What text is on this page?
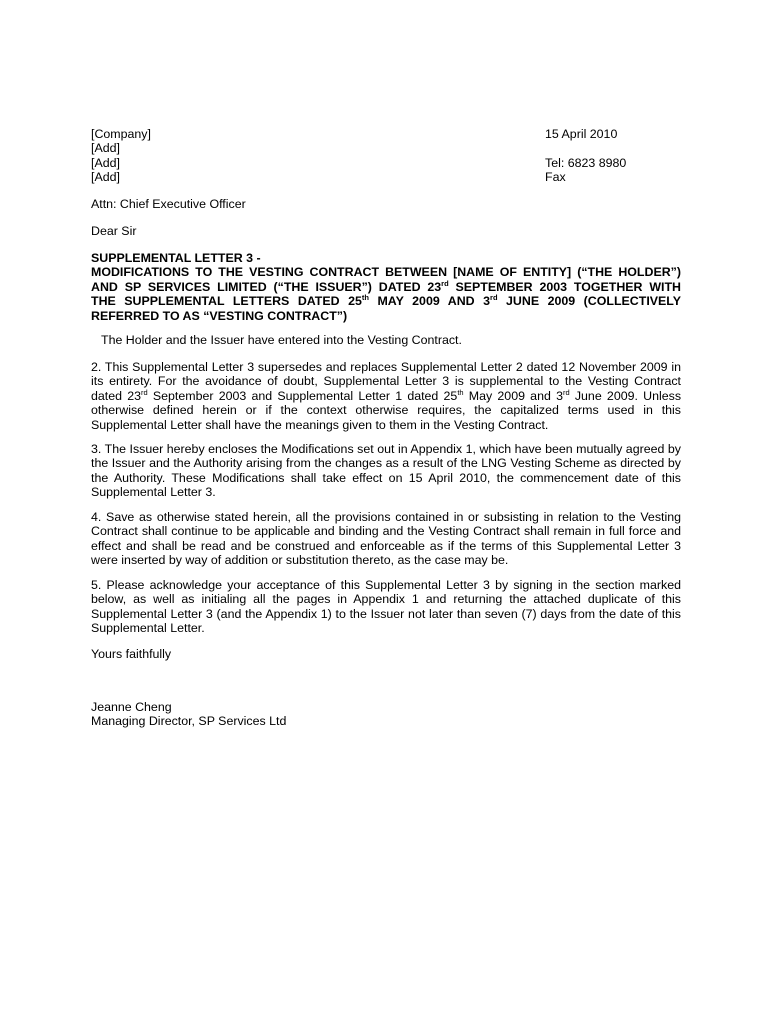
[Company]
[Add]
[Add]
[Add]
15 April 2010
Tel: 6823 8980
Fax
Attn: Chief Executive Officer
Dear Sir
SUPPLEMENTAL LETTER 3 -
MODIFICATIONS TO THE VESTING CONTRACT BETWEEN [NAME OF ENTITY] (“THE HOLDER”)
AND SP SERVICES LIMITED (“THE ISSUER”) DATED 23rd SEPTEMBER 2003 TOGETHER WITH
THE SUPPLEMENTAL LETTERS DATED 25th MAY 2009 AND 3rd JUNE 2009 (COLLECTIVELY
REFERRED TO AS “VESTING CONTRACT”)
The Holder and the Issuer have entered into the Vesting Contract.

2. This Supplemental Letter 3 supersedes and replaces Supplemental Letter 2 dated 12 November 2009 in its entirety. For the avoidance of doubt, Supplemental Letter 3 is supplemental to the Vesting Contract dated 23rd September 2003 and Supplemental Letter 1 dated 25th May 2009 and 3rd June 2009. Unless otherwise defined herein or if the context otherwise requires, the capitalized terms used in this Supplemental Letter shall have the meanings given to them in the Vesting Contract.

3. The Issuer hereby encloses the Modifications set out in Appendix 1, which have been mutually agreed by the Issuer and the Authority arising from the changes as a result of the LNG Vesting Scheme as directed by the Authority. These Modifications shall take effect on 15 April 2010, the commencement date of this Supplemental Letter 3.

4. Save as otherwise stated herein, all the provisions contained in or subsisting in relation to the Vesting Contract shall continue to be applicable and binding and the Vesting Contract shall remain in full force and effect and shall be read and be construed and enforceable as if the terms of this Supplemental Letter 3 were inserted by way of addition or substitution thereto, as the case may be.

5. Please acknowledge your acceptance of this Supplemental Letter 3 by signing in the section marked below, as well as initialing all the pages in Appendix 1 and returning the attached duplicate of this Supplemental Letter 3 (and the Appendix 1) to the Issuer not later than seven (7) days from the date of this Supplemental Letter.

Yours faithfully
Jeanne Cheng
Managing Director, SP Services Ltd
